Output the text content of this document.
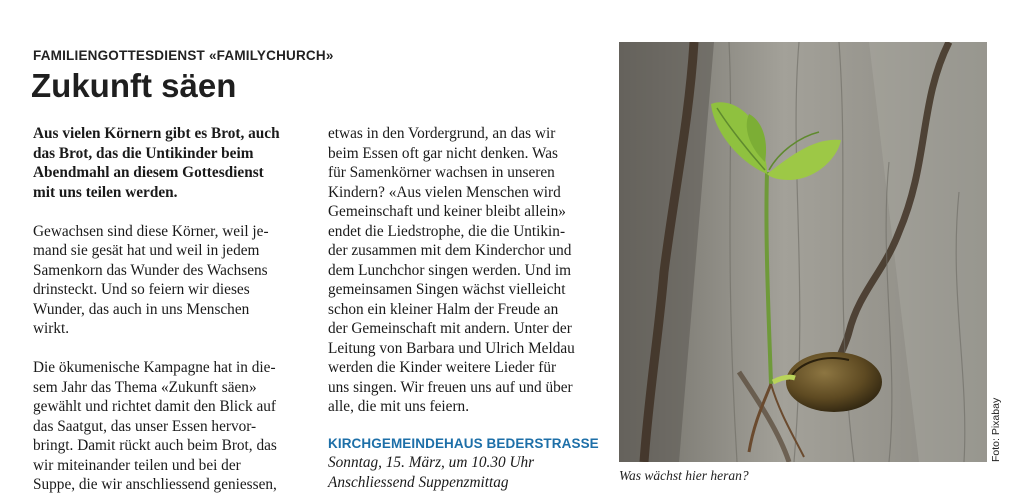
FAMILIENGOTTESDIENST «FAMILYCHURCH»
Zukunft säen

Aus vielen Körnern gibt es Brot, auch

das Brot, das die Untikinder beim

Abendmahl an diesem Gottesdienst

mit uns teilen werden.

Gewachsen sind diese Körner, weil je-

mand sie gesät hat und weil in jedem

Samenkorn das Wunder des Wachsens

drinsteckt. Und so feiern wir dieses

Wunder, das auch in uns Menschen

wirkt.

Die ökumenische Kampagne hat in die-

sem Jahr das Thema «Zukunft säen»

gewählt und richtet damit den Blick auf

das Saatgut, das unser Essen hervor-

bringt. Damit rückt auch beim Brot, das

wir miteinander teilen und bei der

Suppe, die wir anschliessend geniessen,

etwas in den Vordergrund, an das wir

beim Essen oft gar nicht denken. Was

für Samenkörner wachsen in unseren

Kindern? «Aus vielen Menschen wird

Gemeinschaft und keiner bleibt allein»

endet die Liedstrophe, die die Untikin-

der zusammen mit dem Kinderchor und

dem Lunchchor singen werden. Und im

gemeinsamen Singen wächst vielleicht

schon ein kleiner Halm der Freude an

der Gemeinschaft mit andern. Unter der

Leitung von Barbara und Ulrich Meldau

werden die Kinder weitere Lieder für

uns singen. Wir freuen uns auf und über

alle, die mit uns feiern.

KIRCHGEMEINDEHAUS BEDERSTRASSE

Sonntag, 15. März, um 10.30 Uhr

Anschliessend Suppenzmittag	Was wächst hier heran?
Foto: Pixabay
